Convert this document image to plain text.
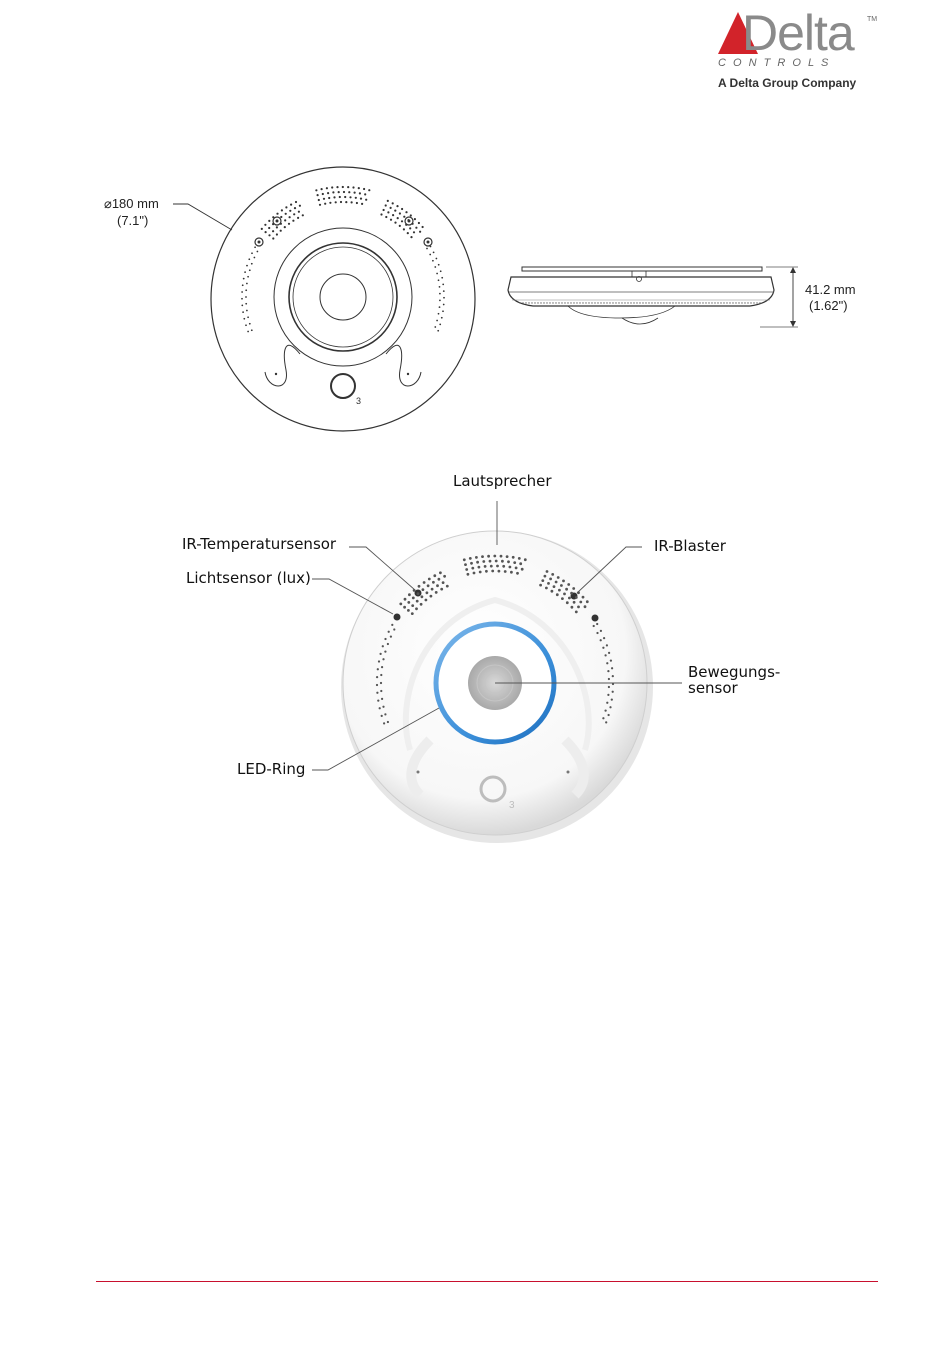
Delta TM
C O N T R O L S
A Delta Group Company
3
⌀180 mm
(7.1")
41.2 mm
(1.62")
3
Lautsprecher
IR-Temperatursensor
Lichtsensor (lux)
IR-Blaster
Bewegungs-
sensor
LED-Ring
